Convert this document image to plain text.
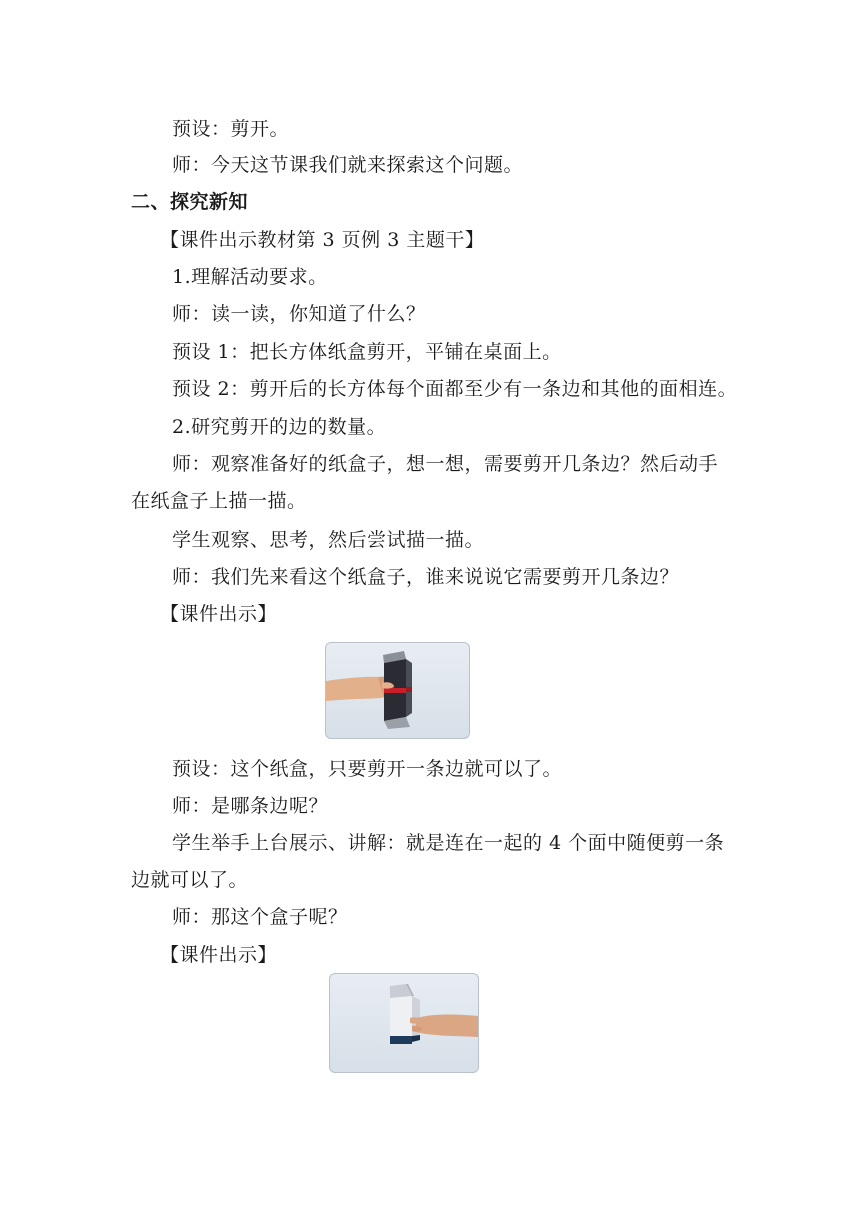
预设：剪开。
师：今天这节课我们就来探索这个问题。
二、探究新知
【课件出示教材第 3 页例 3 主题干】
1.理解活动要求。
师：读一读，你知道了什么？
预设 1：把长方体纸盒剪开，平铺在桌面上。
预设 2：剪开后的长方体每个面都至少有一条边和其他的面相连。
2.研究剪开的边的数量。
师：观察准备好的纸盒子，想一想，需要剪开几条边？然后动手
在纸盒子上描一描。
学生观察、思考，然后尝试描一描。
师：我们先来看这个纸盒子，谁来说说它需要剪开几条边？
【课件出示】
预设：这个纸盒，只要剪开一条边就可以了。
师：是哪条边呢？
学生举手上台展示、讲解：就是连在一起的 4 个面中随便剪一条
边就可以了。
师：那这个盒子呢？
【课件出示】
